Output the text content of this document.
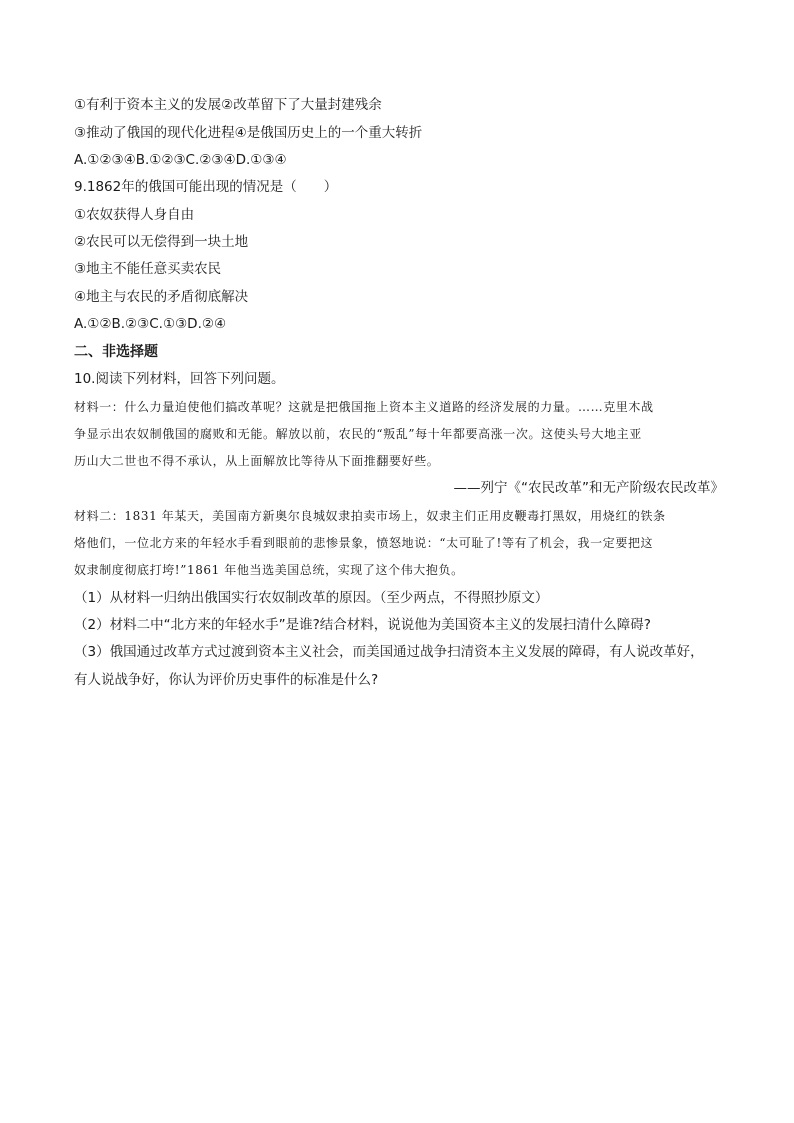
①有利于资本主义的发展②改革留下了大量封建残余
③推动了俄国的现代化进程④是俄国历史上的一个重大转折
A.①②③④B.①②③C.②③④D.①③④
9.1862年的俄国可能出现的情况是（　　）
①农奴获得人身自由
②农民可以无偿得到一块土地
③地主不能任意买卖农民
④地主与农民的矛盾彻底解决
A.①②B.②③C.①③D.②④
二、非选择题
10.阅读下列材料，回答下列问题。
材料一：什么力量迫使他们搞改革呢？这就是把俄国拖上资本主义道路的经济发展的力量。……克里木战
争显示出农奴制俄国的腐败和无能。解放以前，农民的“叛乱”每十年都要高涨一次。这使头号大地主亚
历山大二世也不得不承认，从上面解放比等待从下面推翻要好些。
——列宁《“农民改革”和无产阶级农民改革》
材料二：1831 年某天，美国南方新奥尔良城奴隶拍卖市场上，奴隶主们正用皮鞭毒打黑奴，用烧红的铁条
烙他们，一位北方来的年轻水手看到眼前的悲惨景象，愤怒地说：“太可耻了!等有了机会，我一定要把这
奴隶制度彻底打垮!”1861 年他当选美国总统，实现了这个伟大抱负。
（1）从材料一归纳出俄国实行农奴制改革的原因。（至少两点，不得照抄原文）
（2）材料二中“北方来的年轻水手”是谁?结合材料，说说他为美国资本主义的发展扫清什么障碍?
（3）俄国通过改革方式过渡到资本主义社会，而美国通过战争扫清资本主义发展的障碍，有人说改革好，
有人说战争好，你认为评价历史事件的标准是什么?
